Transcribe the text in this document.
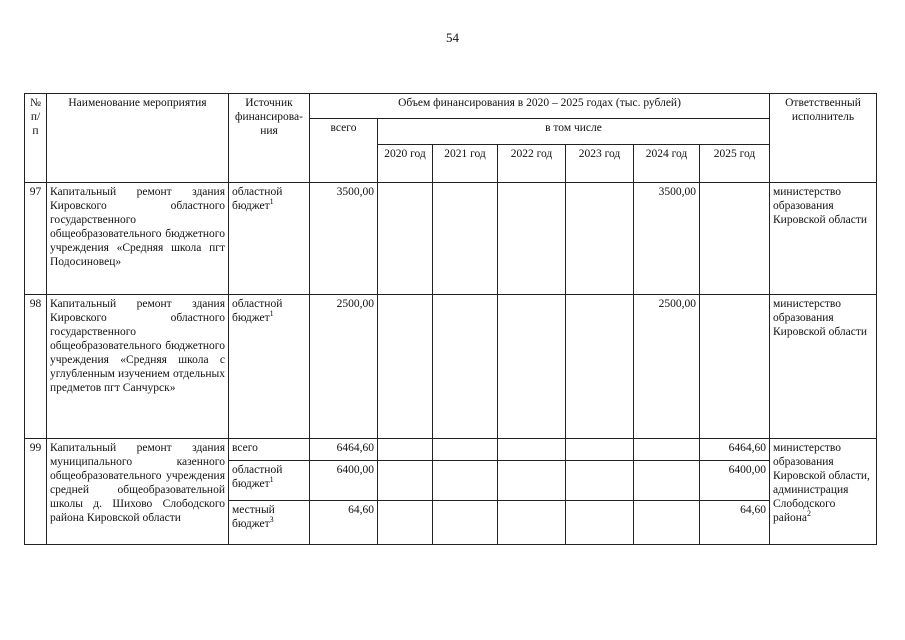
54
№ п/п	Наименование мероприятия	Источник финансирова-ния	Объем финансирования в 2020 – 2025 годах (тыс. рублей)							Ответственный исполнитель
			всего	в том числе						
				2020 год	2021 год	2022 год	2023 год	2024 год	2025 год	
97	Капитальный ремонт здания Кировского областного государственного общеобразовательного бюджетного учреждения «Средняя школа пгт Подосиновец»	областной бюджет$^1$	3500,00					3500,00		министерство образования Кировской области
98	Капитальный ремонт здания Кировского областного государственного общеобразовательного бюджетного учреждения «Средняя школа с углубленным изучением отдельных предметов пгт Санчурск»	областной бюджет$^1$	2500,00					2500,00		министерство образования Кировской области
99	Капитальный ремонт здания муниципального казенного общеобразовательного учреждения средней общеобразовательной школы д. Шихово Слободского района Кировской области	всего	6464,60						6464,60	министерство образования Кировской области, администрация Слободского района$^2$
		областной бюджет$^1$	6400,00						6400,00	
		местный бюджет$^3$	64,60						64,60	
